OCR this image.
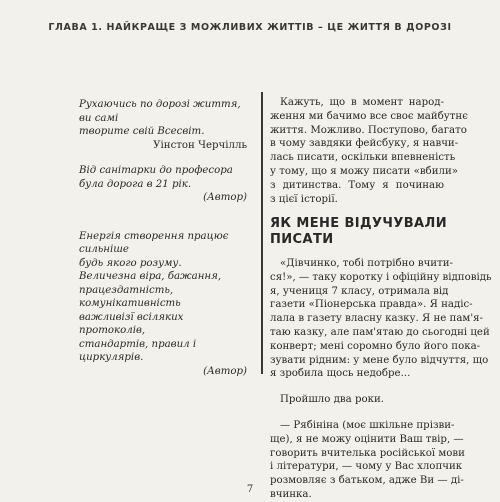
ГЛАВА 1. НАЙКРАЩЕ З МОЖЛИВИХ ЖИТТІВ – ЦЕ ЖИТТЯ В ДОРОЗІ
Рухаючись по дорозі життя, ви самі
творите свій Всесвіт.
Уінстон Черчілль
Від санітарки до професора
була дорога в 21 рік.
(Автор)
Енергія створення працює сильніше
будь якого розуму.
Величезна віра, бажання,
працездатність, комунікативність
важливізї всіляких протоколів,
стандартів, правил і циркулярів.
(Автор)
Кажуть, що в момент народ-
ження ми бачимо все своє майбутнє
життя. Можливо. Поступово, багато
в чому завдяки фейсбуку, я навчи-
лась писати, оскільки впевненість
у тому, що я можу писати «вбили»
з дитинства. Тому я починаю
з цієї історії.
ЯК МЕНЕ ВІДУЧУВАЛИ
ПИСАТИ
«Дівчинко, тобі потрібно вчити-
ся!», — таку коротку і офіційну відповідь
я, учениця 7 класу, отримала від
газети «Піонерська правда». Я надіс-
лала в газету власну казку. Я не пам'я-
таю казку, але пам'ятаю до сьогодні цей
конверт; мені соромно було його пока-
зувати рідним: у мене було відчуття, що
я зробила щось недобре...
Пройшло два роки.
— Рябініна (моє шкільне прізви-
ще), я не можу оцінити Ваш твір, —
говорить вчителька російської мови
і літератури, — чому у Вас хлопчик
розмовляє з батьком, адже Ви — ді-
вчинка.
7
